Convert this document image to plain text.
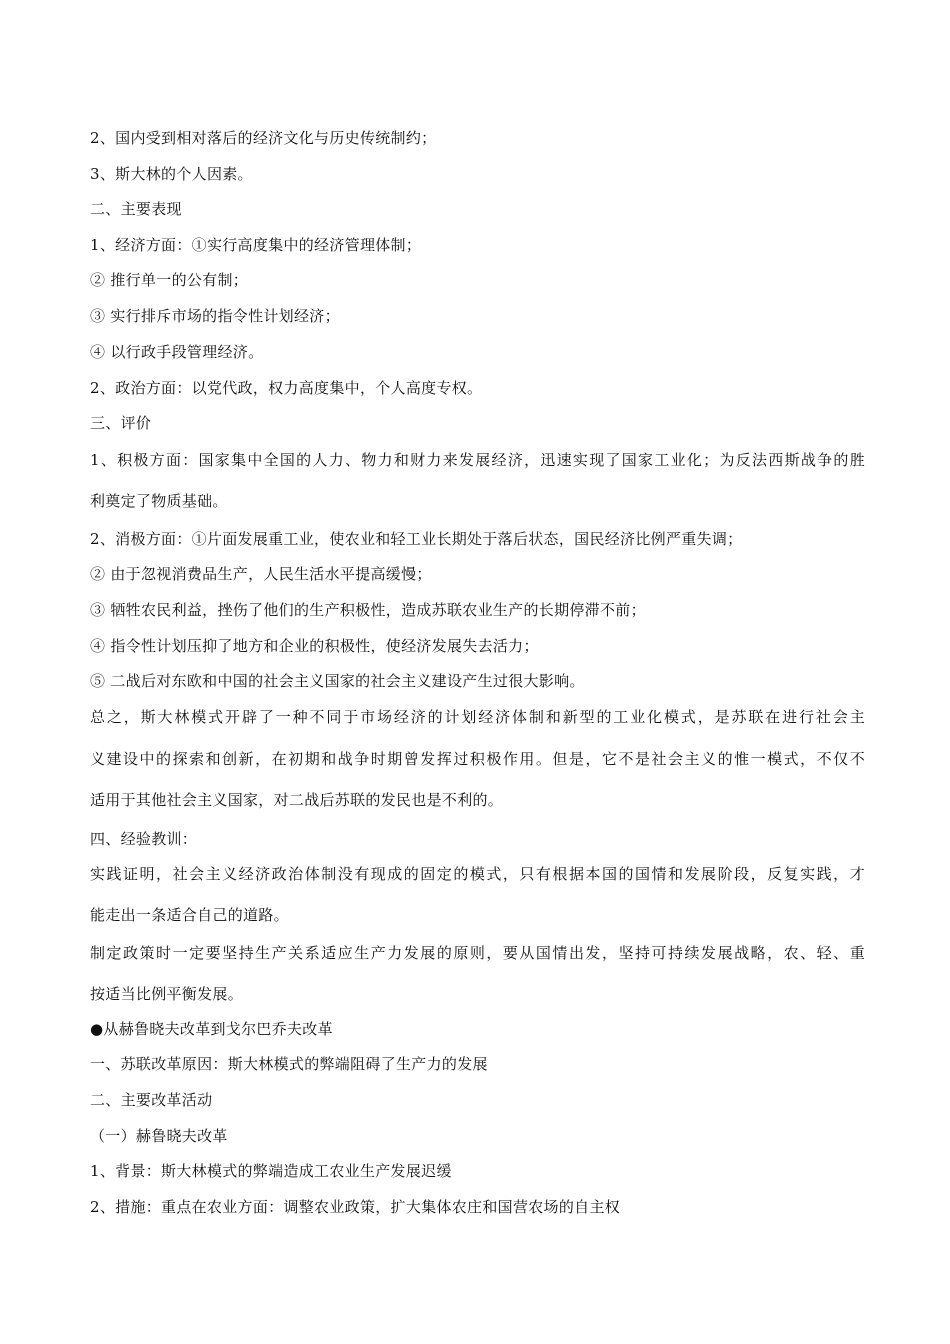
2、国内受到相对落后的经济文化与历史传统制约；
3、斯大林的个人因素。
二、主要表现
1、经济方面：①实行高度集中的经济管理体制；
② 推行单一的公有制；
③ 实行排斥市场的指令性计划经济；
④ 以行政手段管理经济。
2、政治方面：以党代政，权力高度集中，个人高度专权。
三、评价
1、积极方面：国家集中全国的人力、物力和财力来发展经济，迅速实现了国家工业化；为反法西斯战争的胜
利奠定了物质基础。
2、消极方面：①片面发展重工业，使农业和轻工业长期处于落后状态，国民经济比例严重失调；
② 由于忽视消费品生产，人民生活水平提高缓慢；
③ 牺牲农民利益，挫伤了他们的生产积极性，造成苏联农业生产的长期停滞不前；
④ 指令性计划压抑了地方和企业的积极性，使经济发展失去活力；
⑤ 二战后对东欧和中国的社会主义国家的社会主义建设产生过很大影响。
总之，斯大林模式开辟了一种不同于市场经济的计划经济体制和新型的工业化模式，是苏联在进行社会主
义建设中的探索和创新，在初期和战争时期曾发挥过积极作用。但是，它不是社会主义的惟一模式，不仅不
适用于其他社会主义国家，对二战后苏联的发民也是不利的。
四、经验教训：
实践证明，社会主义经济政治体制没有现成的固定的模式，只有根据本国的国情和发展阶段，反复实践，才
能走出一条适合自己的道路。
制定政策时一定要坚持生产关系适应生产力发展的原则，要从国情出发，坚持可持续发展战略，农、轻、重
按适当比例平衡发展。
●从赫鲁晓夫改革到戈尔巴乔夫改革
一、苏联改革原因：斯大林模式的弊端阻碍了生产力的发展
二、主要改革活动
（一）赫鲁晓夫改革
1、背景：斯大林模式的弊端造成工农业生产发展迟缓
2、措施：重点在农业方面：调整农业政策，扩大集体农庄和国营农场的自主权
